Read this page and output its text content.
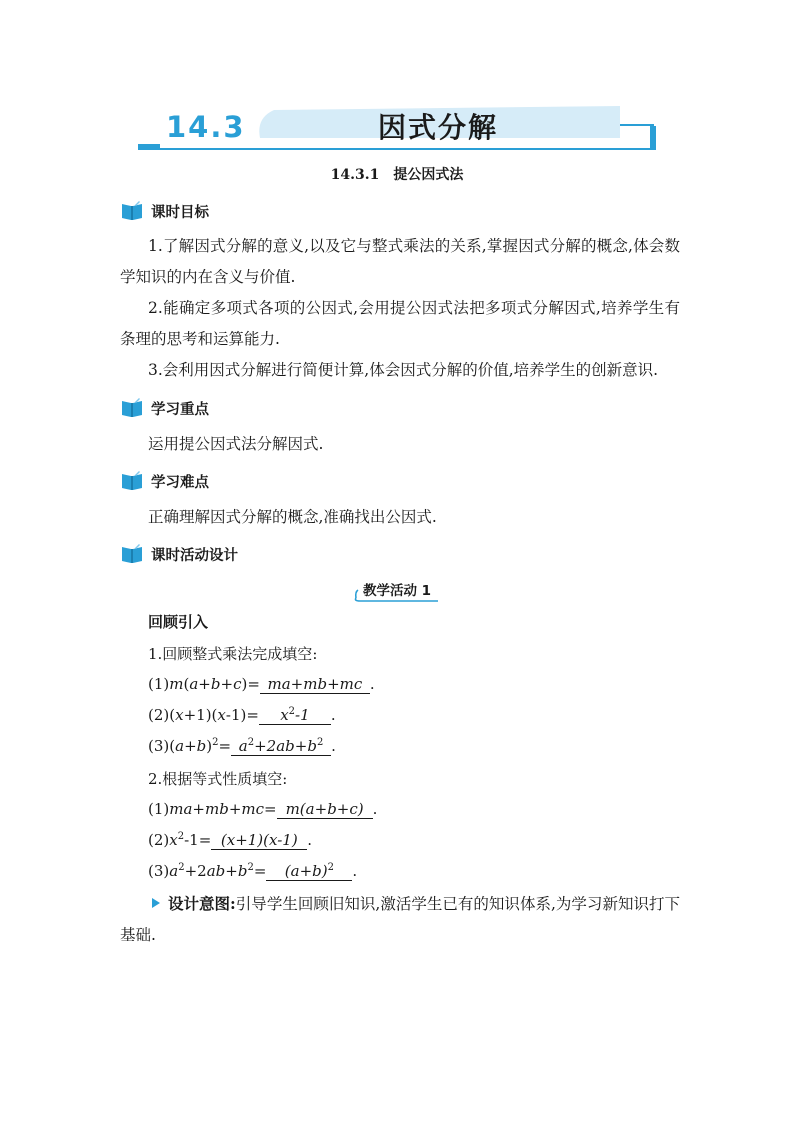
14.3	因式分解
14.3.1　提公因式法
课时目标
1.了解因式分解的意义,以及它与整式乘法的关系,掌握因式分解的概念,体会数学知识的内在含义与价值.
2.能确定多项式各项的公因式,会用提公因式法把多项式分解因式,培养学生有条理的思考和运算能力.
3.会利用因式分解进行简便计算,体会因式分解的价值,培养学生的创新意识.
学习重点
运用提公因式法分解因式.
学习难点
正确理解因式分解的概念,准确找出公因式.
课时活动设计
教学活动 1
回顾引入
1.回顾整式乘法完成填空:
(1)m(a+b+c)= ma+mb+mc .
$(2)(x+1)(x-1)= x^2-1$ .
$(3)(a+b)^2= a^2+2ab+b^2$ .
2.根据等式性质填空:
(1)ma+mb+mc= m(a+b+c) .
$(2)x^2-1= (x+1)(x-1)$ .
$(3)a^2+2ab+b^2= (a+b)^2$ .
设计意图:引导学生回顾旧知识,激活学生已有的知识体系,为学习新知识打下基础.
